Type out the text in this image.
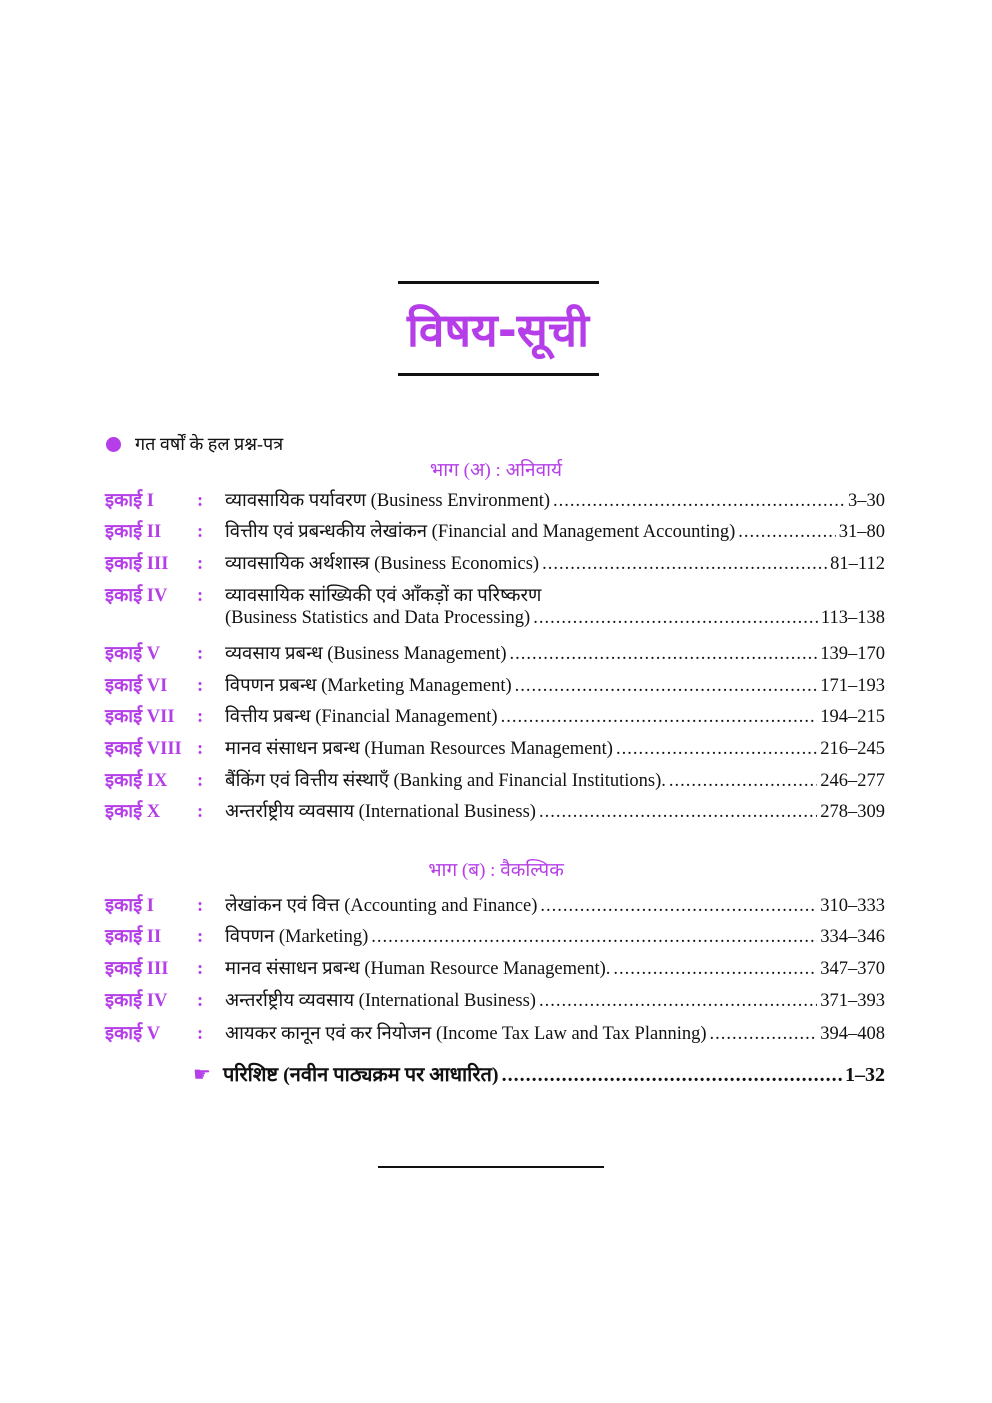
विषय-सूची
गत वर्षों के हल प्रश्न-पत्र
भाग (अ) : अनिवार्य
इकाई I	:	व्यावसायिक पर्यावरण (Business Environment) .....	3–30
इकाई II	:	वित्तीय एवं प्रबन्धकीय लेखांकन (Financial and Management Accounting) .....	31–80
इकाई III	:	व्यावसायिक अर्थशास्त्र (Business Economics) .....	81–112
इकाई IV	:	व्यावसायिक सांख्यिकी एवं आँकड़ों का परिष्करण
(Business Statistics and Data Processing) .....	113–138
इकाई V	:	व्यवसाय प्रबन्ध (Business Management) .....	139–170
इकाई VI	:	विपणन प्रबन्ध (Marketing Management) .....	171–193
इकाई VII	:	वित्तीय प्रबन्ध (Financial Management) .....	194–215
इकाई VIII :	मानव संसाधन प्रबन्ध (Human Resources Management) .....	216–245
इकाई IX	:	बैंकिंग एवं वित्तीय संस्थाएँ (Banking and Financial Institutions). .....	246–277
इकाई X	:	अन्तर्राष्ट्रीय व्यवसाय (International Business) .....	278–309
भाग (ब) : वैकल्पिक
इकाई I	:	लेखांकन एवं वित्त (Accounting and Finance) .....	310–333
इकाई II	:	विपणन (Marketing) .....	334–346
इकाई III	:	मानव संसाधन प्रबन्ध (Human Resource Management). .....	347–370
इकाई IV	:	अन्तर्राष्ट्रीय व्यवसाय (International Business) .....	371–393
इकाई V	:	आयकर कानून एवं कर नियोजन (Income Tax Law and Tax Planning) .....	394–408
☛ परिशिष्ट (नवीन पाठ्यक्रम पर आधारित) .....	1–32
